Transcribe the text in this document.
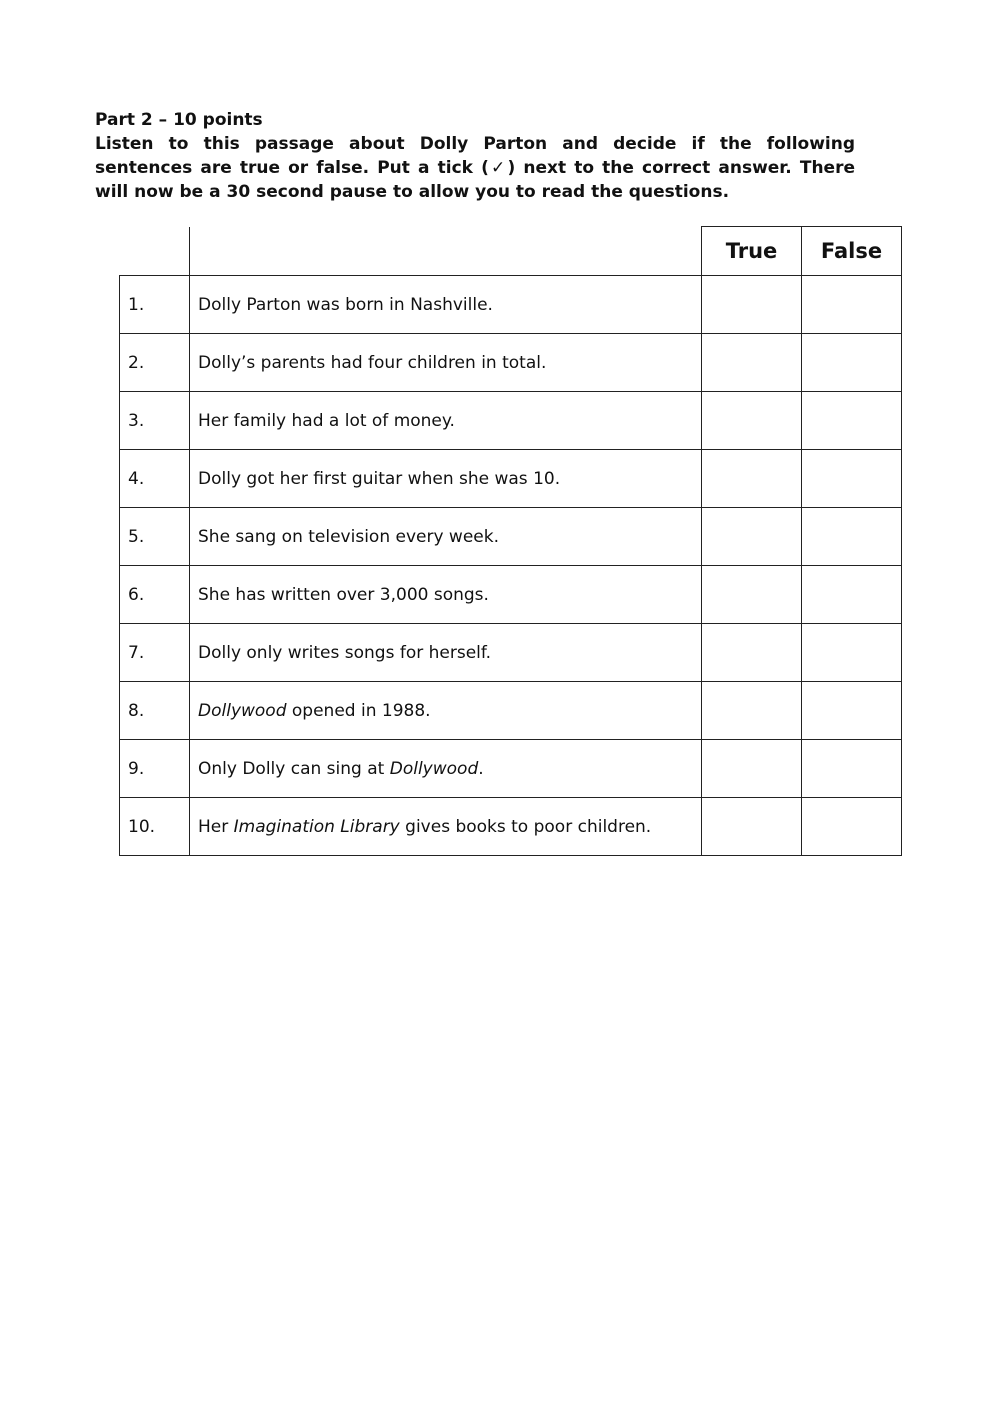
Part 2 – 10 points
Listen to this passage about Dolly Parton and decide if the following sentences are true or false. Put a tick (✓) next to the correct answer. There will now be a 30 second pause to allow you to read the questions.
		True	False
1.	Dolly Parton was born in Nashville.		
2.	Dolly’s parents had four children in total.		
3.	Her family had a lot of money.		
4.	Dolly got her first guitar when she was 10.		
5.	She sang on television every week.		
6.	She has written over 3,000 songs.		
7.	Dolly only writes songs for herself.		
8.	Dollywood opened in 1988.		
9.	Only Dolly can sing at Dollywood.		
10.	Her Imagination Library gives books to poor children.		
